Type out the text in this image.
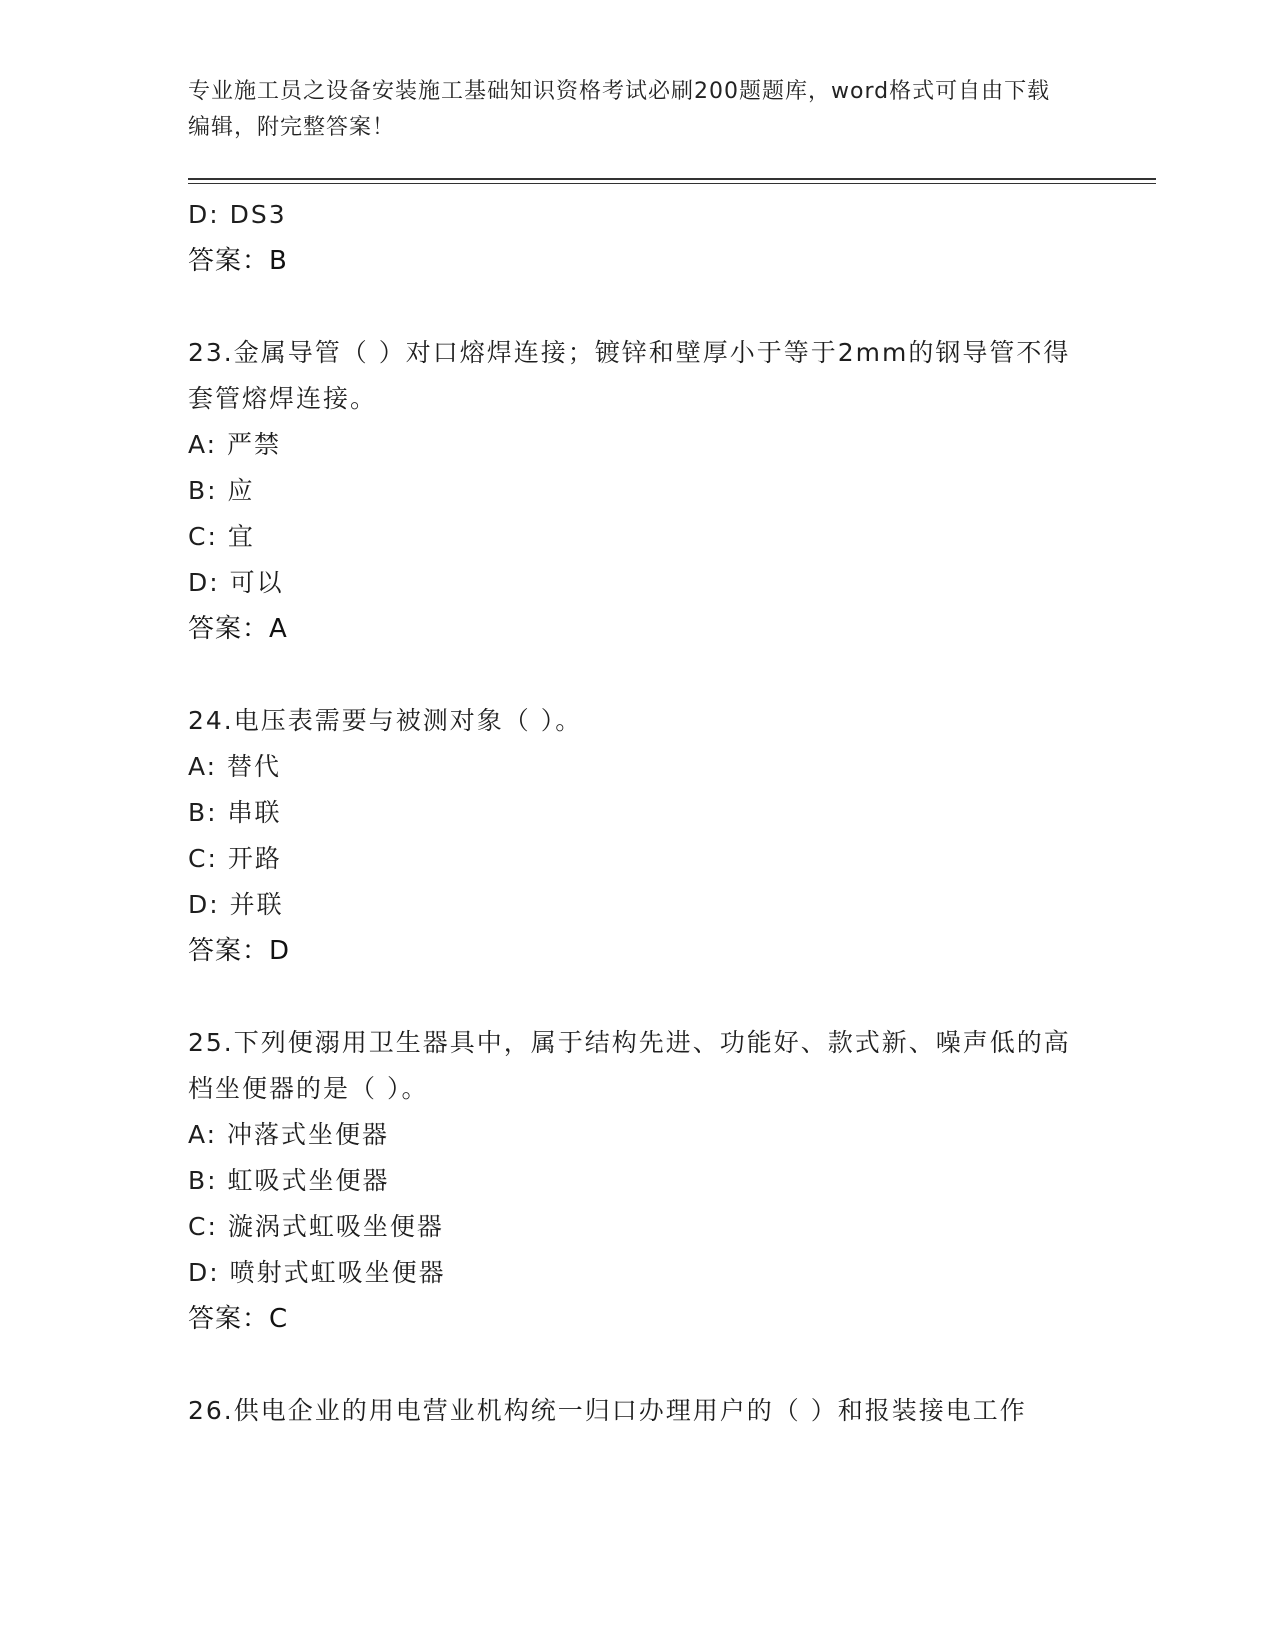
专业施工员之设备安装施工基础知识资格考试必刷200题题库，word格式可自由下载编辑，附完整答案！
D: DS3
答案：B
23.金属导管（ ）对口熔焊连接；镀锌和壁厚小于等于2mm的钢导管不得套管熔焊连接。
A: 严禁
B: 应
C: 宜
D: 可以
答案：A
24.电压表需要与被测对象（ ）。
A: 替代
B: 串联
C: 开路
D: 并联
答案：D
25.下列便溺用卫生器具中，属于结构先进、功能好、款式新、噪声低的高档坐便器的是（ ）。
A: 冲落式坐便器
B: 虹吸式坐便器
C: 漩涡式虹吸坐便器
D: 喷射式虹吸坐便器
答案：C
26.供电企业的用电营业机构统一归口办理用户的（ ）和报装接电工作
